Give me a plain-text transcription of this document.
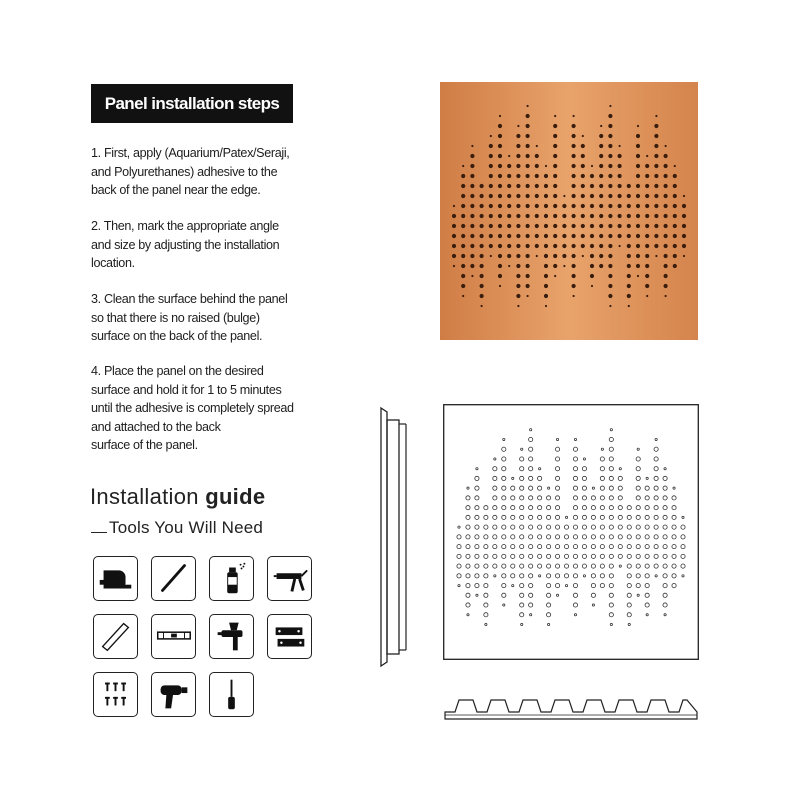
Panel installation steps
1. First, apply (Aquarium/Patex/Seraji,
and Polyurethanes) adhesive to the
back of the panel near the edge.
2. Then, mark the appropriate angle
and size by adjusting the installation
location.
3. Clean the surface behind the panel
so that there is no raised (bulge)
surface on the back of the panel.
4. Place the panel on the desired
surface and hold it for 1 to 5 minutes
until the adhesive is completely spread
and attached to the back
surface of the panel.
Installation guide
Tools You Will Need
